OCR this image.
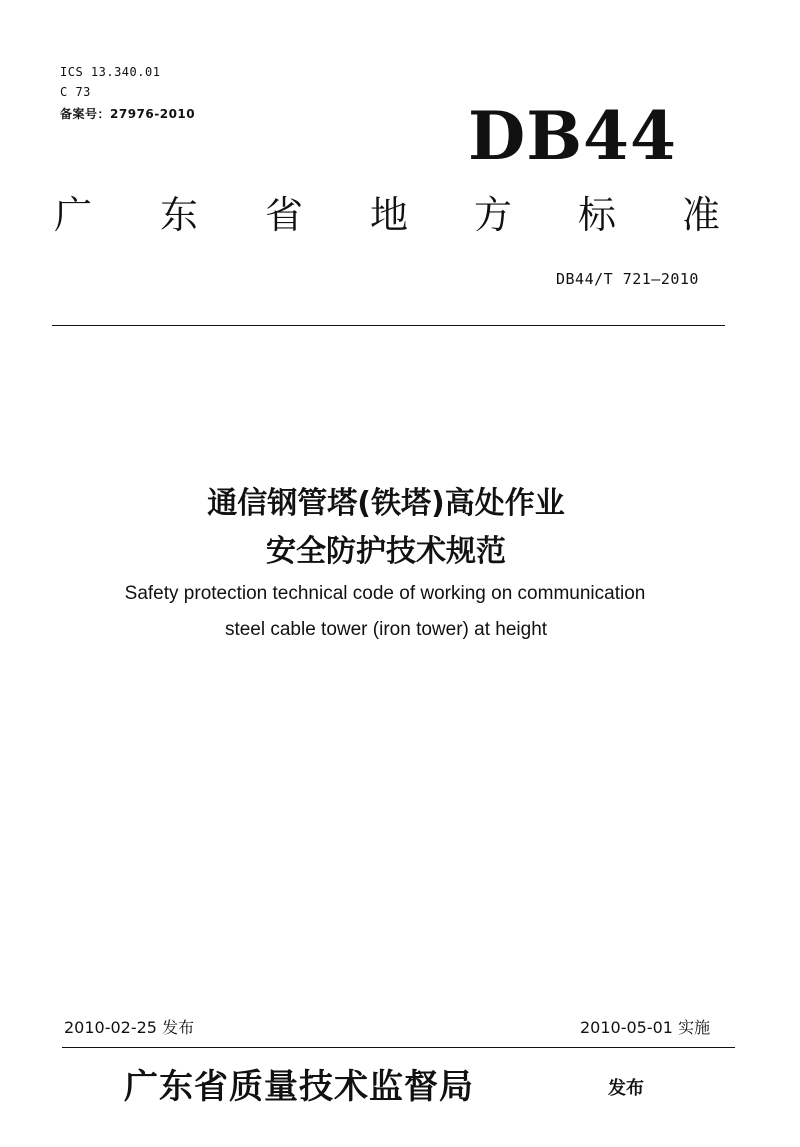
ICS 13.340.01
C 73
备案号：27976-2010	DB44
广 东 省 地 方 标 准
DB44/T 721—2010
通信钢管塔(铁塔)高处作业
安全防护技术规范
Safety protection technical code of working on communication
steel cable tower (iron tower) at height
2010-02-25 发布	2010-05-01 实施
广东省质量技术监督局	发布
